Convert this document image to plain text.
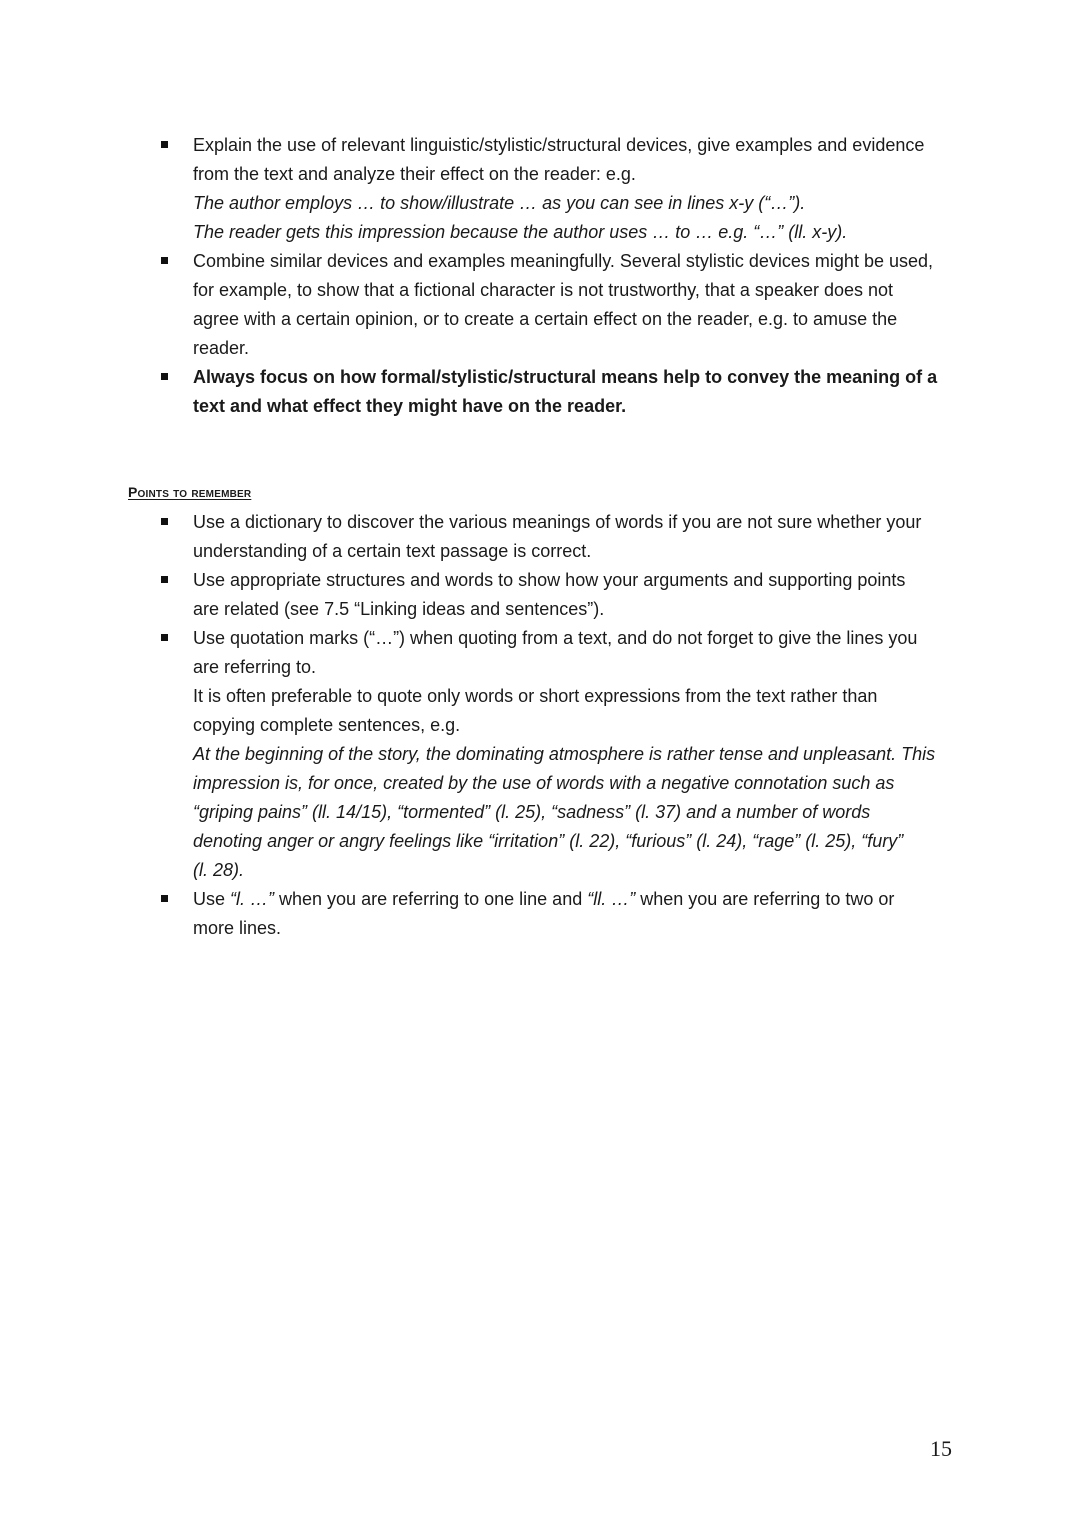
Explain the use of relevant linguistic/stylistic/structural devices, give examples and evidence
from the text and analyze their effect on the reader: e.g.
The author employs … to show/illustrate … as you can see in lines x-y (“…”).
The reader gets this impression because the author uses … to … e.g. “…” (ll. x-y).
Combine similar devices and examples meaningfully. Several stylistic devices might be used,
for example, to show that a fictional character is not trustworthy, that a speaker does not
agree with a certain opinion, or to create a certain effect on the reader, e.g. to amuse the
reader.
Always focus on how formal/stylistic/structural means help to convey the meaning of a
text and what effect they might have on the reader.
Points to remember
Use a dictionary to discover the various meanings of words if you are not sure whether your
understanding of a certain text passage is correct.
Use appropriate structures and words to show how your arguments and supporting points
are related (see 7.5 “Linking ideas and sentences”).
Use quotation marks (“…”) when quoting from a text, and do not forget to give the lines you
are referring to.
It is often preferable to quote only words or short expressions from the text rather than
copying complete sentences, e.g.
At the beginning of the story, the dominating atmosphere is rather tense and unpleasant. This
impression is, for once, created by the use of words with a negative connotation such as
“griping pains” (ll. 14/15), “tormented” (l. 25), “sadness” (l. 37) and a number of words
denoting anger or angry feelings like “irritation” (l. 22), “furious” (l. 24), “rage” (l. 25), “fury”
(l. 28).
Use “l. …” when you are referring to one line and “ll. …” when you are referring to two or
more lines.
15
